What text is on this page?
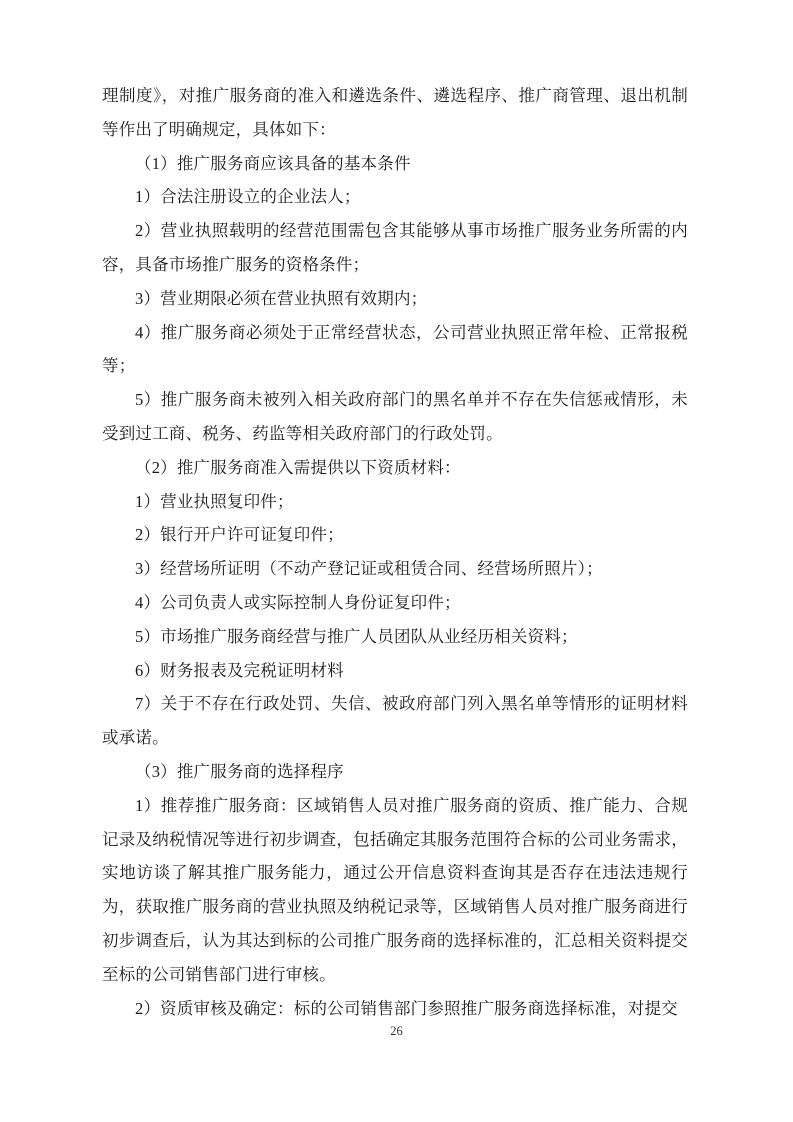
理制度》，对推广服务商的准入和遴选条件、遴选程序、推广商管理、退出机制等作出了明确规定，具体如下：

（1）推广服务商应该具备的基本条件

1）合法注册设立的企业法人；

2）营业执照载明的经营范围需包含其能够从事市场推广服务业务所需的内容，具备市场推广服务的资格条件；

3）营业期限必须在营业执照有效期内；

4）推广服务商必须处于正常经营状态，公司营业执照正常年检、正常报税等；

5）推广服务商未被列入相关政府部门的黑名单并不存在失信惩戒情形，未受到过工商、税务、药监等相关政府部门的行政处罚。

（2）推广服务商准入需提供以下资质材料：

1）营业执照复印件；

2）银行开户许可证复印件；

3）经营场所证明（不动产登记证或租赁合同、经营场所照片）；

4）公司负责人或实际控制人身份证复印件；

5）市场推广服务商经营与推广人员团队从业经历相关资料；

6）财务报表及完税证明材料

7）关于不存在行政处罚、失信、被政府部门列入黑名单等情形的证明材料或承诺。

（3）推广服务商的选择程序

1）推荐推广服务商：区域销售人员对推广服务商的资质、推广能力、合规记录及纳税情况等进行初步调查，包括确定其服务范围符合标的公司业务需求，实地访谈了解其推广服务能力，通过公开信息资料查询其是否存在违法违规行为，获取推广服务商的营业执照及纳税记录等，区域销售人员对推广服务商进行初步调查后，认为其达到标的公司推广服务商的选择标准的，汇总相关资料提交至标的公司销售部门进行审核。

2）资质审核及确定：标的公司销售部门参照推广服务商选择标准，对提交

26
